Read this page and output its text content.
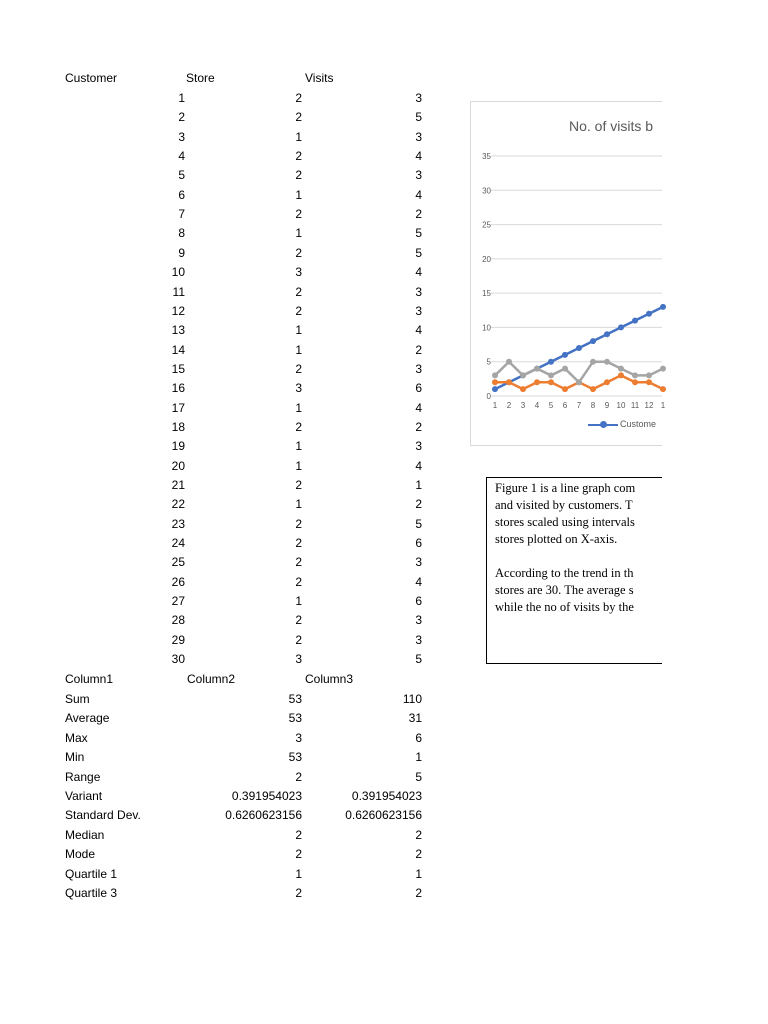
Customer	Store	Visits
1	2	3
2	2	5
3	1	3
4	2	4
5	2	3
6	1	4
7	2	2
8	1	5
9	2	5
10	3	4
11	2	3
12	2	3
13	1	4
14	1	2
15	2	3
16	3	6
17	1	4
18	2	2
19	1	3
20	1	4
21	2	1
22	1	2
23	2	5
24	2	6
25	2	3
26	2	4
27	1	6
28	2	3
29	2	3
30	3	5
Column1	Column2	Column3
Sum	53	110
Average	53	31
Max	3	6
Min	53	1
Range	2	5
Variant	0.391954023	0.391954023
Standard Dev.	0.6260623156	0.6260623156
Median	2	2
Mode	2	2
Quartile 1	1	1
Quartile 3	2	2
0
5
10
15
20
25
30
35
1 2 3 4 5 6 7 8 9 10 11 12 1
No. of visits b
Custome

Figure 1 is a line graph com
and visited by customers. T
stores scaled using intervals
stores plotted on X-axis.

According to the trend in th
stores are 30. The average s
while the no of visits by the
